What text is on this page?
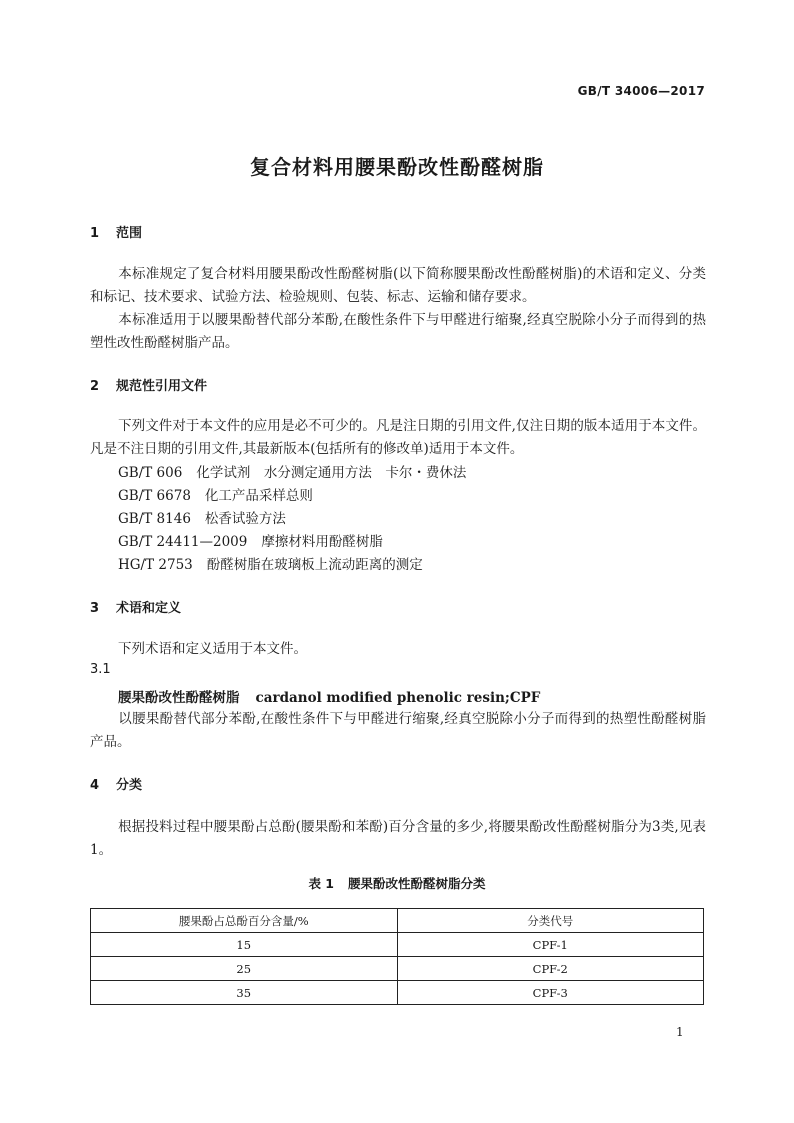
GB/T 34006—2017
复合材料用腰果酚改性酚醛树脂
1 范围
本标准规定了复合材料用腰果酚改性酚醛树脂(以下简称腰果酚改性酚醛树脂)的术语和定义、分类和标记、技术要求、试验方法、检验规则、包装、标志、运输和储存要求。
本标准适用于以腰果酚替代部分苯酚,在酸性条件下与甲醛进行缩聚,经真空脱除小分子而得到的热塑性改性酚醛树脂产品。
2 规范性引用文件
下列文件对于本文件的应用是必不可少的。凡是注日期的引用文件,仅注日期的版本适用于本文件。凡是不注日期的引用文件,其最新版本(包括所有的修改单)适用于本文件。
GB/T 606 化学试剂　水分测定通用方法　卡尔・费休法
GB/T 6678 化工产品采样总则
GB/T 8146 松香试验方法
GB/T 24411—2009 摩擦材料用酚醛树脂
HG/T 2753 酚醛树脂在玻璃板上流动距离的测定
3 术语和定义
下列术语和定义适用于本文件。
3.1
腰果酚改性酚醛树脂 cardanol modified phenolic resin;CPF
以腰果酚替代部分苯酚,在酸性条件下与甲醛进行缩聚,经真空脱除小分子而得到的热塑性酚醛树脂产品。
4 分类
根据投料过程中腰果酚占总酚(腰果酚和苯酚)百分含量的多少,将腰果酚改性酚醛树脂分为3类,见表1。
表 1 腰果酚改性酚醛树脂分类
腰果酚占总酚百分含量/%	分类代号
15	CPF-1
25	CPF-2
35	CPF-3
1
